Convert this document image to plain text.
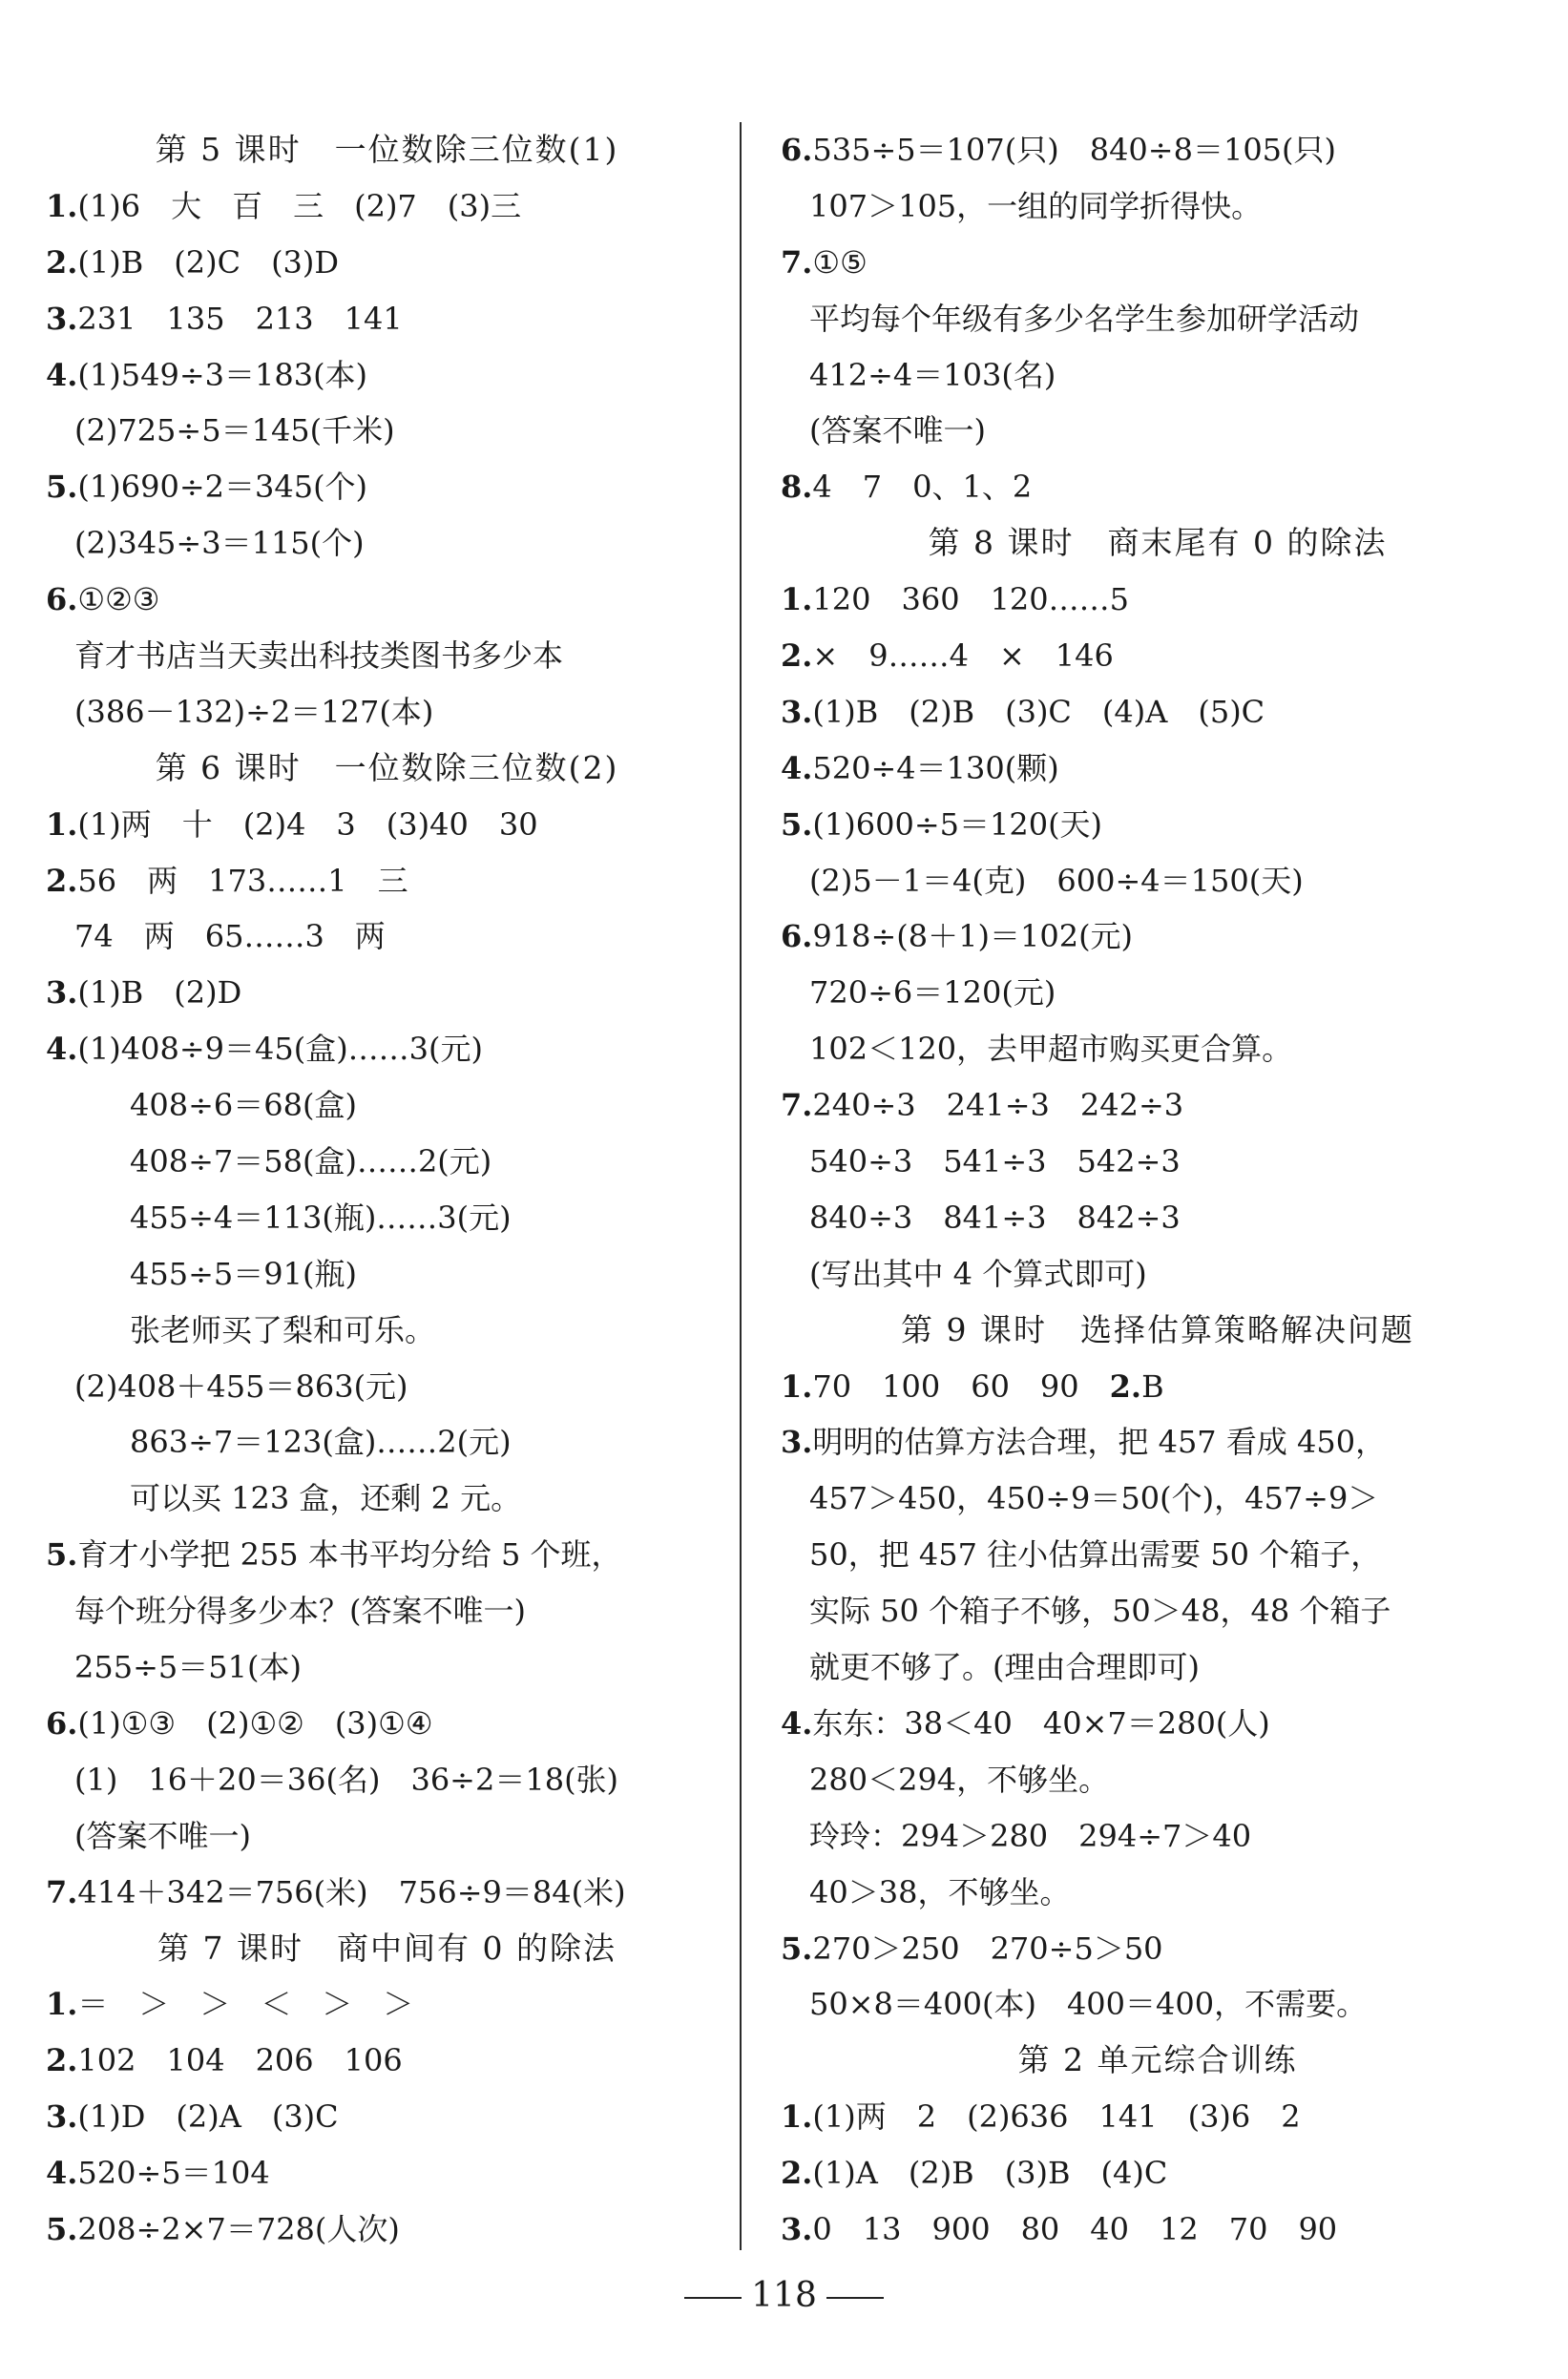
第 5 课时　一位数除三位数(1)
1.(1)6　大　百　三　(2)7　(3)三
2.(1)B　(2)C　(3)D
3.231　135　213　141
4.(1)549÷3＝183(本)
(2)725÷5＝145(千米)
5.(1)690÷2＝345(个)
(2)345÷3＝115(个)
6.①②③
育才书店当天卖出科技类图书多少本
(386－132)÷2＝127(本)
第 6 课时　一位数除三位数(2)
1.(1)两　十　(2)4　3　(3)40　30
2.56　两　173……1　三
74　两　65……3　两
3.(1)B　(2)D
4.(1)408÷9＝45(盒)……3(元)
408÷6＝68(盒)
408÷7＝58(盒)……2(元)
455÷4＝113(瓶)……3(元)
455÷5＝91(瓶)
张老师买了梨和可乐。
(2)408＋455＝863(元)
863÷7＝123(盒)……2(元)
可以买 123 盒，还剩 2 元。
5.育才小学把 255 本书平均分给 5 个班，
每个班分得多少本？(答案不唯一)
255÷5＝51(本)
6.(1)①③　(2)①②　(3)①④
(1)　16＋20＝36(名)　36÷2＝18(张)
(答案不唯一)
7.414＋342＝756(米)　756÷9＝84(米)
第 7 课时　商中间有 0 的除法
1.＝　＞　＞　＜　＞　＞
2.102　104　206　106
3.(1)D　(2)A　(3)C
4.520÷5＝104
5.208÷2×7＝728(人次)
6.535÷5＝107(只)　840÷8＝105(只)
107＞105，一组的同学折得快。
7.①⑤
平均每个年级有多少名学生参加研学活动
412÷4＝103(名)
(答案不唯一)
8.4　7　0、1、2
第 8 课时　商末尾有 0 的除法
1.120　360　120……5
2.×　9……4　×　146
3.(1)B　(2)B　(3)C　(4)A　(5)C
4.520÷4＝130(颗)
5.(1)600÷5＝120(天)
(2)5－1＝4(克)　600÷4＝150(天)
6.918÷(8＋1)＝102(元)
720÷6＝120(元)
102＜120，去甲超市购买更合算。
7.240÷3　241÷3　242÷3
540÷3　541÷3　542÷3
840÷3　841÷3　842÷3
(写出其中 4 个算式即可)
第 9 课时　选择估算策略解决问题
1.70　100　60　90　2.B
3.明明的估算方法合理，把 457 看成 450，
457＞450，450÷9＝50(个)，457÷9＞
50，把 457 往小估算出需要 50 个箱子，
实际 50 个箱子不够，50＞48，48 个箱子
就更不够了。(理由合理即可)
4.东东：38＜40　40×7＝280(人)
280＜294，不够坐。
玲玲：294＞280　294÷7＞40
40＞38，不够坐。
5.270＞250　270÷5＞50
50×8＝400(本)　400＝400，不需要。
第 2 单元综合训练
1.(1)两　2　(2)636　141　(3)6　2
2.(1)A　(2)B　(3)B　(4)C
3.0　13　900　80　40　12　70　90
118
